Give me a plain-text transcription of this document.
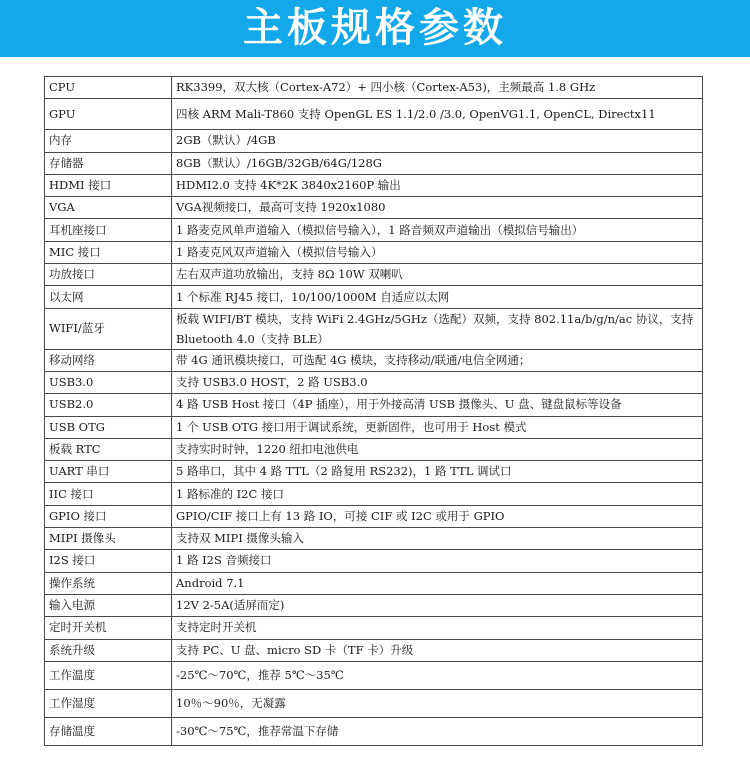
主板规格参数
CPU	RK3399，双大核（Cortex-A72）+ 四小核（Cortex-A53)，主频最高 1.8 GHz
GPU	四核 ARM Mali-T860 支持 OpenGL ES 1.1/2.0 /3.0, OpenVG1.1, OpenCL, Directx11
内存	2GB（默认）/4GB
存储器	8GB（默认）/16GB/32GB/64G/128G
HDMI 接口	HDMI2.0 支持 4K*2K 3840x2160P 输出
VGA	VGA视频接口，最高可支持 1920x1080
耳机座接口	1 路麦克风单声道输入（模拟信号输入），1 路音频双声道输出（模拟信号输出）
MIC 接口	1 路麦克风双声道输入（模拟信号输入）
功放接口	左右双声道功放输出，支持 8Ω 10W 双喇叭
以太网	1 个标准 RJ45 接口，10/100/1000M 自适应以太网
WIFI/蓝牙	板载 WIFI/BT 模块，支持 WiFi 2.4GHz/5GHz（选配）双频，支持 802.11a/b/g/n/ac 协议，支持 Bluetooth 4.0（支持 BLE）
移动网络	带 4G 通讯模块接口，可选配 4G 模块，支持移动/联通/电信全网通；
USB3.0	支持 USB3.0 HOST，2 路 USB3.0
USB2.0	4 路 USB Host 接口（4P 插座），用于外接高清 USB 摄像头、U 盘、键盘鼠标等设备
USB OTG	1 个 USB OTG 接口用于调试系统，更新固件，也可用于 Host 模式
板载 RTC	支持实时时钟，1220 纽扣电池供电
UART 串口	5 路串口，其中 4 路 TTL（2 路复用 RS232)，1 路 TTL 调试口
IIC 接口	1 路标准的 I2C 接口
GPIO 接口	GPIO/CIF 接口上有 13 路 IO，可接 CIF 或 I2C 或用于 GPIO
MIPI 摄像头	支持双 MIPI 摄像头输入
I2S 接口	1 路 I2S 音频接口
操作系统	Android 7.1
输入电源	12V 2-5A(适屏而定)
定时开关机	支持定时开关机
系统升级	支持 PC、U 盘、micro SD 卡（TF 卡）升级
工作温度	-25℃～70℃，推荐 5℃～35℃
工作湿度	10％～90％，无凝露
存储温度	-30℃～75℃，推荐常温下存储
